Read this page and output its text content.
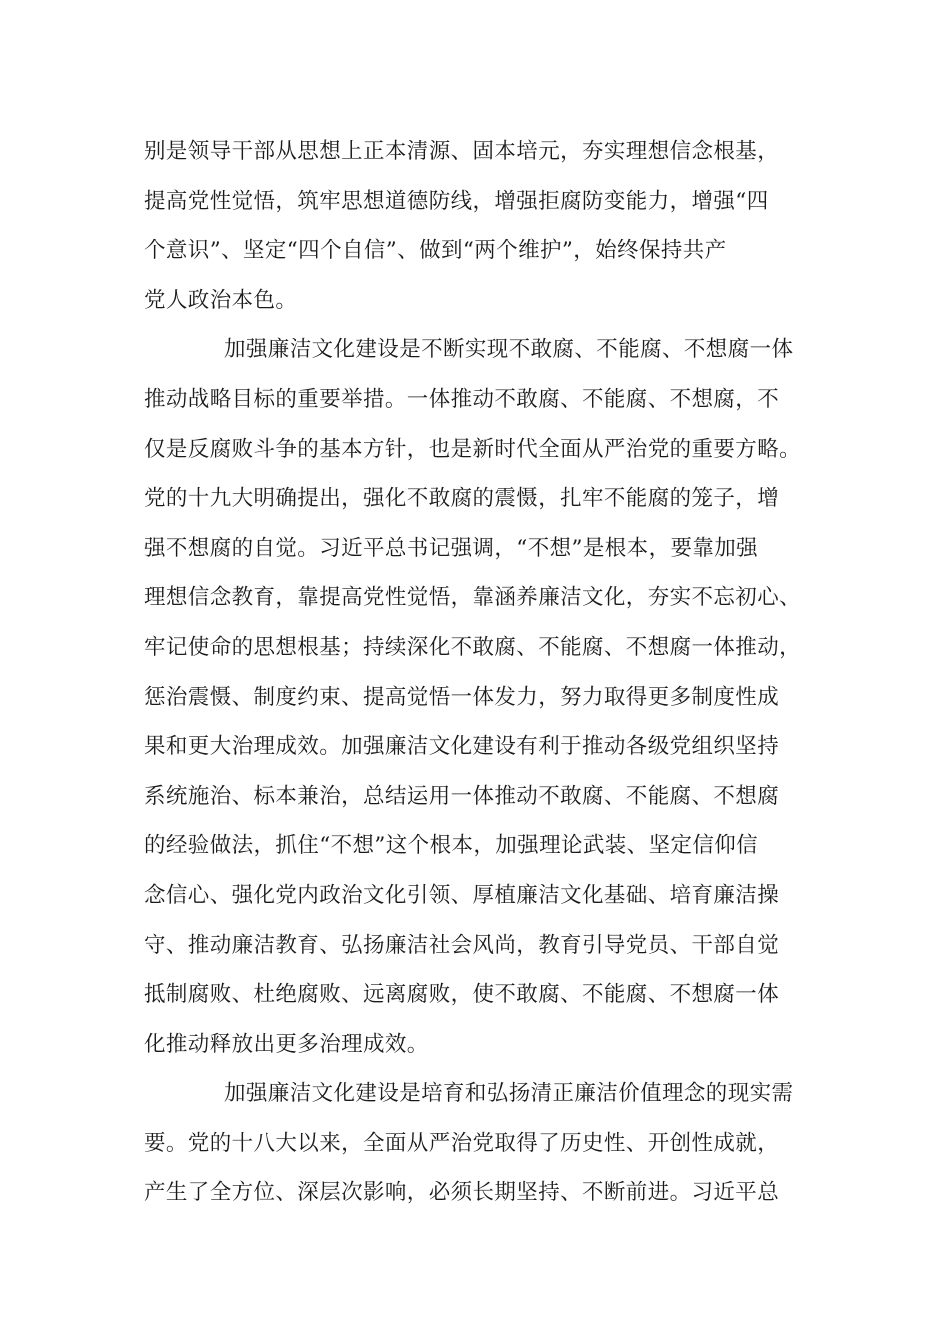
别是领导干部从思想上正本清源、固本培元，夯实理想信念根基，
提高党性觉悟，筑牢思想道德防线，增强拒腐防变能力，增强“四
个意识”、坚定“四个自信”、做到“两个维护”，始终保持共产
党人政治本色。
加强廉洁文化建设是不断实现不敢腐、不能腐、不想腐一体
推动战略目标的重要举措。一体推动不敢腐、不能腐、不想腐，不
仅是反腐败斗争的基本方针，也是新时代全面从严治党的重要方略。
党的十九大明确提出，强化不敢腐的震慑，扎牢不能腐的笼子，增
强不想腐的自觉。习近平总书记强调，“不想”是根本，要靠加强
理想信念教育，靠提高党性觉悟，靠涵养廉洁文化，夯实不忘初心、
牢记使命的思想根基；持续深化不敢腐、不能腐、不想腐一体推动，
惩治震慑、制度约束、提高觉悟一体发力，努力取得更多制度性成
果和更大治理成效。加强廉洁文化建设有利于推动各级党组织坚持
系统施治、标本兼治，总结运用一体推动不敢腐、不能腐、不想腐
的经验做法，抓住“不想”这个根本，加强理论武装、坚定信仰信
念信心、强化党内政治文化引领、厚植廉洁文化基础、培育廉洁操
守、推动廉洁教育、弘扬廉洁社会风尚，教育引导党员、干部自觉
抵制腐败、杜绝腐败、远离腐败，使不敢腐、不能腐、不想腐一体
化推动释放出更多治理成效。
加强廉洁文化建设是培育和弘扬清正廉洁价值理念的现实需
要。党的十八大以来，全面从严治党取得了历史性、开创性成就，
产生了全方位、深层次影响，必须长期坚持、不断前进。习近平总
